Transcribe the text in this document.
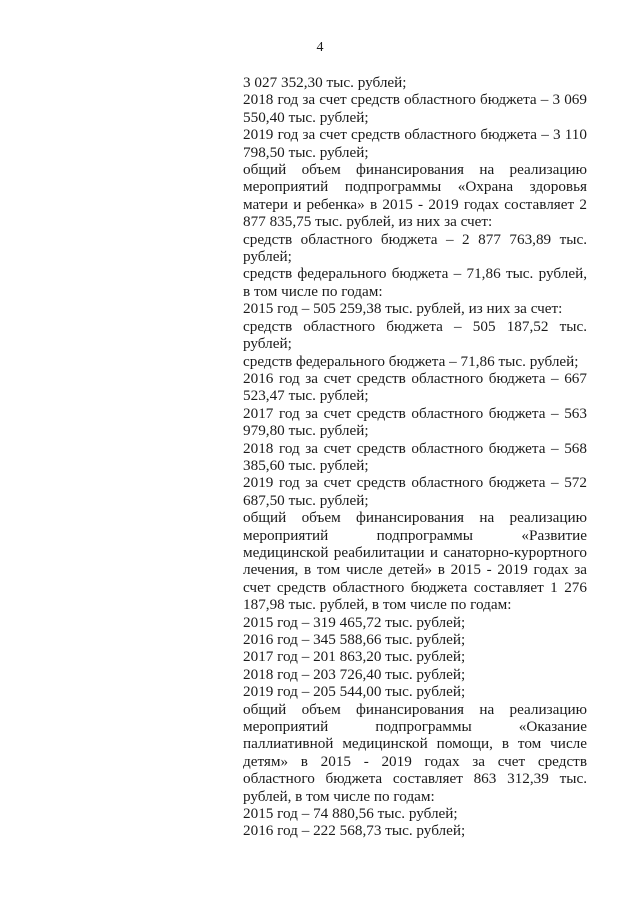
4

3 027 352,30 тыс. рублей;

2018 год за счет средств областного бюджета – 3 069 550,40 тыс. рублей;

2019 год за счет средств областного бюджета – 3 110 798,50 тыс. рублей;

общий объем финансирования на реализацию мероприятий подпрограммы «Охрана здоровья матери и ребенка» в 2015 - 2019 годах составляет 2 877 835,75 тыс. рублей, из них за счет:

средств областного бюджета – 2 877 763,89 тыс. рублей;

средств федерального бюджета – 71,86 тыс. рублей, в том числе по годам:

2015 год – 505 259,38 тыс. рублей, из них за счет:

средств областного бюджета – 505 187,52 тыс. рублей;

средств федерального бюджета – 71,86 тыс. рублей;

2016 год за счет средств областного бюджета – 667 523,47 тыс. рублей;

2017 год за счет средств областного бюджета – 563 979,80 тыс. рублей;

2018 год за счет средств областного бюджета – 568 385,60 тыс. рублей;

2019 год за счет средств областного бюджета – 572 687,50 тыс. рублей;

общий объем финансирования на реализацию мероприятий подпрограммы «Развитие медицинской реабилитации и санаторно-курортного лечения, в том числе детей» в 2015 - 2019 годах за счет средств областного бюджета составляет 1 276 187,98 тыс. рублей, в том числе по годам:

2015 год – 319 465,72 тыс. рублей;

2016 год – 345 588,66 тыс. рублей;

2017 год – 201 863,20 тыс. рублей;

2018 год – 203 726,40 тыс. рублей;

2019 год – 205 544,00 тыс. рублей;

общий объем финансирования на реализацию мероприятий подпрограммы «Оказание паллиативной медицинской помощи, в том числе детям» в 2015 - 2019 годах за счет средств областного бюджета составляет 863 312,39 тыс. рублей, в том числе по годам:

2015 год – 74 880,56 тыс. рублей;

2016 год – 222 568,73 тыс. рублей;
